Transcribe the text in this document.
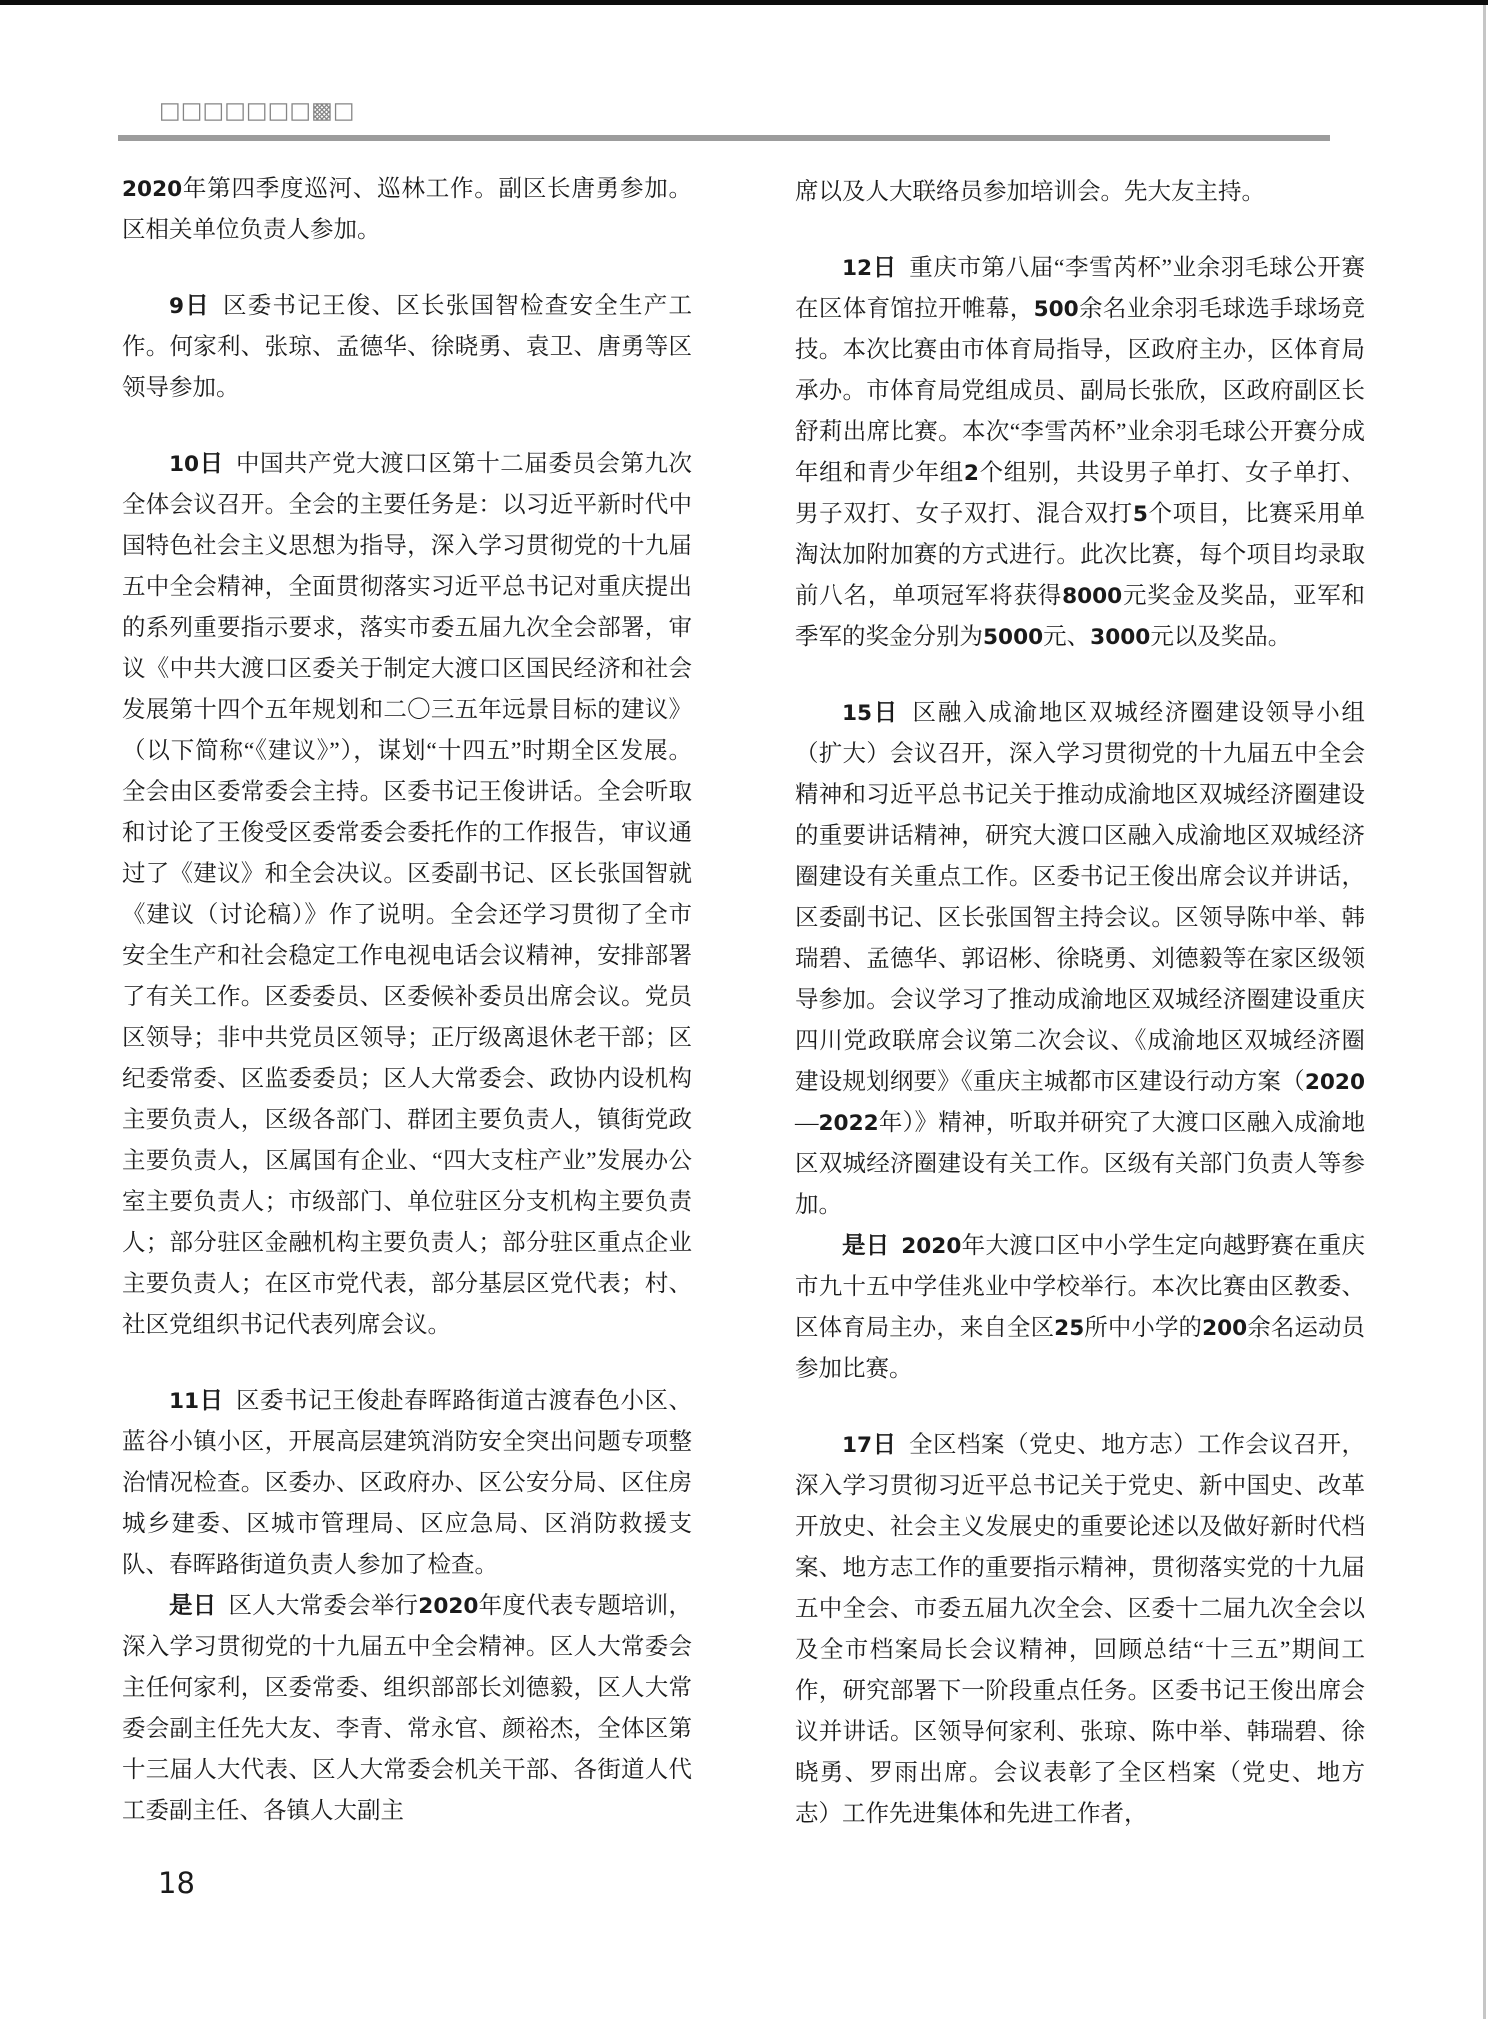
□□□□□□□▩□

2020年第四季度巡河、巡林工作。副区长唐勇参加。区相关单位负责人参加。

9日  区委书记王俊、区长张国智检查安全生产工作。何家利、张琼、孟德华、徐晓勇、袁卫、唐勇等区领导参加。

10日  中国共产党大渡口区第十二届委员会第九次全体会议召开。全会的主要任务是：以习近平新时代中国特色社会主义思想为指导，深入学习贯彻党的十九届五中全会精神，全面贯彻落实习近平总书记对重庆提出的系列重要指示要求，落实市委五届九次全会部署，审议《中共大渡口区委关于制定大渡口区国民经济和社会发展第十四个五年规划和二〇三五年远景目标的建议》（以下简称“《建议》”），谋划“十四五”时期全区发展。全会由区委常委会主持。区委书记王俊讲话。全会听取和讨论了王俊受区委常委会委托作的工作报告，审议通过了《建议》和全会决议。区委副书记、区长张国智就《建议（讨论稿）》作了说明。全会还学习贯彻了全市安全生产和社会稳定工作电视电话会议精神，安排部署了有关工作。区委委员、区委候补委员出席会议。党员区领导；非中共党员区领导；正厅级离退休老干部；区纪委常委、区监委委员；区人大常委会、政协内设机构主要负责人，区级各部门、群团主要负责人，镇街党政主要负责人，区属国有企业、“四大支柱产业”发展办公室主要负责人；市级部门、单位驻区分支机构主要负责人；部分驻区金融机构主要负责人；部分驻区重点企业主要负责人；在区市党代表，部分基层区党代表；村、社区党组织书记代表列席会议。

11日  区委书记王俊赴春晖路街道古渡春色小区、蓝谷小镇小区，开展高层建筑消防安全突出问题专项整治情况检查。区委办、区政府办、区公安分局、区住房城乡建委、区城市管理局、区应急局、区消防救援支队、春晖路街道负责人参加了检查。

是日  区人大常委会举行2020年度代表专题培训，深入学习贯彻党的十九届五中全会精神。区人大常委会主任何家利，区委常委、组织部部长刘德毅，区人大常委会副主任先大友、李青、常永官、颜裕杰，全体区第十三届人大代表、区人大常委会机关干部、各街道人代工委副主任、各镇人大副主

席以及人大联络员参加培训会。先大友主持。

12日  重庆市第八届“李雪芮杯”业余羽毛球公开赛在区体育馆拉开帷幕，500余名业余羽毛球选手球场竞技。本次比赛由市体育局指导，区政府主办，区体育局承办。市体育局党组成员、副局长张欣，区政府副区长舒莉出席比赛。本次“李雪芮杯”业余羽毛球公开赛分成年组和青少年组2个组别，共设男子单打、女子单打、男子双打、女子双打、混合双打5个项目，比赛采用单淘汰加附加赛的方式进行。此次比赛，每个项目均录取前八名，单项冠军将获得8000元奖金及奖品，亚军和季军的奖金分别为5000元、3000元以及奖品。

15日  区融入成渝地区双城经济圈建设领导小组（扩大）会议召开，深入学习贯彻党的十九届五中全会精神和习近平总书记关于推动成渝地区双城经济圈建设的重要讲话精神，研究大渡口区融入成渝地区双城经济圈建设有关重点工作。区委书记王俊出席会议并讲话，区委副书记、区长张国智主持会议。区领导陈中举、韩瑞碧、孟德华、郭诏彬、徐晓勇、刘德毅等在家区级领导参加。会议学习了推动成渝地区双城经济圈建设重庆四川党政联席会议第二次会议、《成渝地区双城经济圈建设规划纲要》《重庆主城都市区建设行动方案（2020—2022年）》精神，听取并研究了大渡口区融入成渝地区双城经济圈建设有关工作。区级有关部门负责人等参加。

是日  2020年大渡口区中小学生定向越野赛在重庆市九十五中学佳兆业中学校举行。本次比赛由区教委、区体育局主办，来自全区25所中小学的200余名运动员参加比赛。

17日  全区档案（党史、地方志）工作会议召开，深入学习贯彻习近平总书记关于党史、新中国史、改革开放史、社会主义发展史的重要论述以及做好新时代档案、地方志工作的重要指示精神，贯彻落实党的十九届五中全会、市委五届九次全会、区委十二届九次全会以及全市档案局长会议精神，回顾总结“十三五”期间工作，研究部署下一阶段重点任务。区委书记王俊出席会议并讲话。区领导何家利、张琼、陈中举、韩瑞碧、徐晓勇、罗雨出席。会议表彰了全区档案（党史、地方志）工作先进集体和先进工作者，

18
